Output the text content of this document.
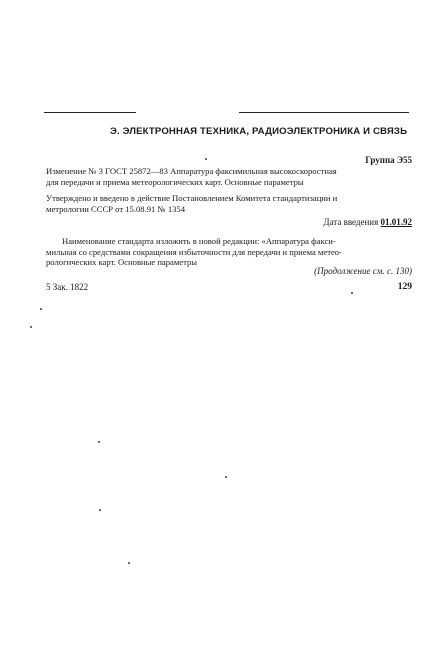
Э. ЭЛЕКТРОННАЯ ТЕХНИКА, РАДИОЭЛЕКТРОНИКА И СВЯЗЬ
Группа Э55

Изменение № 3 ГОСТ 25872—83 Аппаратура факсимильная высокоскоростная

для передачи и приема метеорологических карт. Основные параметры

Утверждено и введено в действие Постановлением Комитета стандартизации и

метрологии СССР от 15.08.91 № 1354

Дата введения 01.01.92

Наименование стандарта изложить в новой редакции: «Аппаратура факси-

мильная со средствами сокращения избыточности для передачи и приема метео-

рологических карт. Основные параметры

(Продолжение см. с. 130)
5 Зак. 1822	129
